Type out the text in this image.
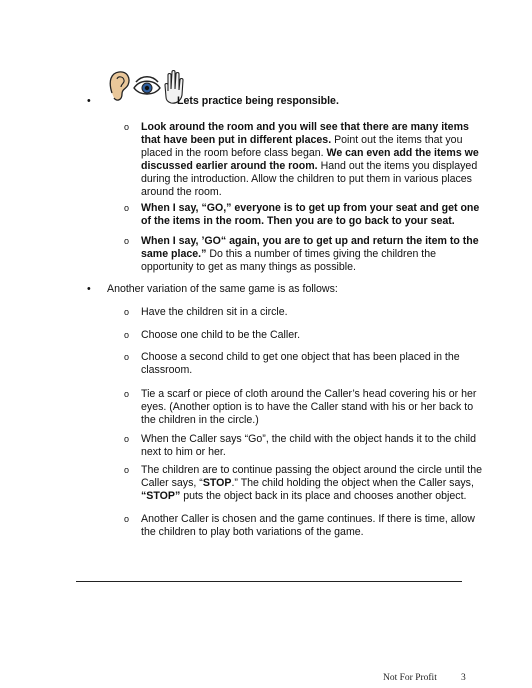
•	Lets practice being responsible.
o Look around the room and you will see that there are many items that have been put in different places. Point out the items that you placed in the room before class began. We can even add the items we discussed earlier around the room. Hand out the items you displayed during the introduction. Allow the children to put them in various places around the room.
o When I say, “GO,” everyone is to get up from your seat and get one of the items in the room. Then you are to go back to your seat.
o When I say, ’GO“ again, you are to get up and return the item to the same place.” Do this a number of times giving the children the opportunity to get as many things as possible.
• Another variation of the same game is as follows:
o Have the children sit in a circle.
o Choose one child to be the Caller.
o Choose a second child to get one object that has been placed in the classroom.
o Tie a scarf or piece of cloth around the Caller’s head covering his or her eyes. (Another option is to have the Caller stand with his or her back to the children in the circle.)
o When the Caller says “Go”, the child with the object hands it to the child next to him or her.
o The children are to continue passing the object around the circle until the Caller says, “STOP.” The child holding the object when the Caller says, “STOP” puts the object back in its place and chooses another object.
o Another Caller is chosen and the game continues. If there is time, allow the children to play both variations of the game.
Not For Profit	3
